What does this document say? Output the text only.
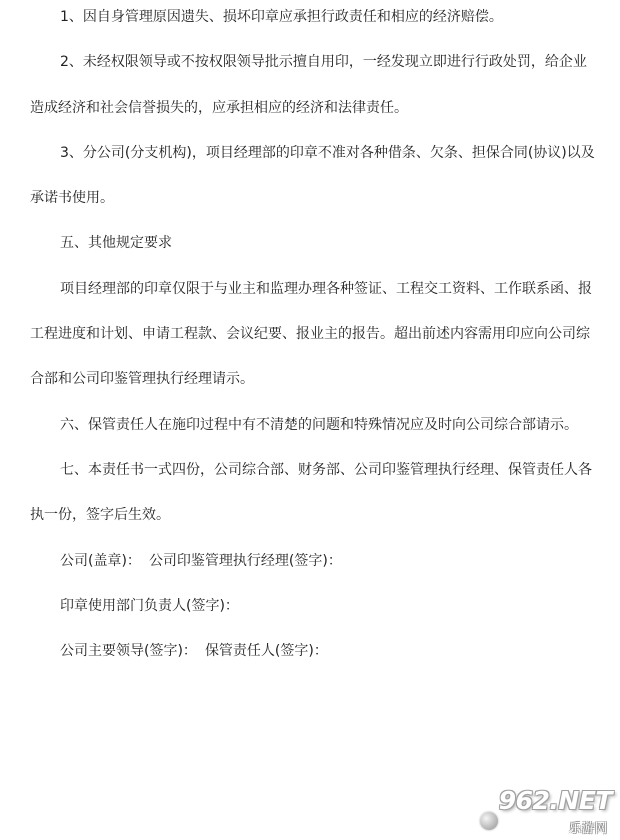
1、因自身管理原因遗失、损坏印章应承担行政责任和相应的经济赔偿。
2、未经权限领导或不按权限领导批示擅自用印，一经发现立即进行行政处罚，给企业
造成经济和社会信誉损失的，应承担相应的经济和法律责任。
3、分公司(分支机构)，项目经理部的印章不准对各种借条、欠条、担保合同(协议)以及
承诺书使用。
五、其他规定要求
项目经理部的印章仅限于与业主和监理办理各种签证、工程交工资料、工作联系函、报
工程进度和计划、申请工程款、会议纪要、报业主的报告。超出前述内容需用印应向公司综
合部和公司印鉴管理执行经理请示。
六、保管责任人在施印过程中有不清楚的问题和特殊情况应及时向公司综合部请示。
七、本责任书一式四份，公司综合部、财务部、公司印鉴管理执行经理、保管责任人各
执一份，签字后生效。
公司(盖章)： 公司印鉴管理执行经理(签字)：
印章使用部门负责人(签字)：
公司主要领导(签字)： 保管责任人(签字)：
962.NET
乐游网
